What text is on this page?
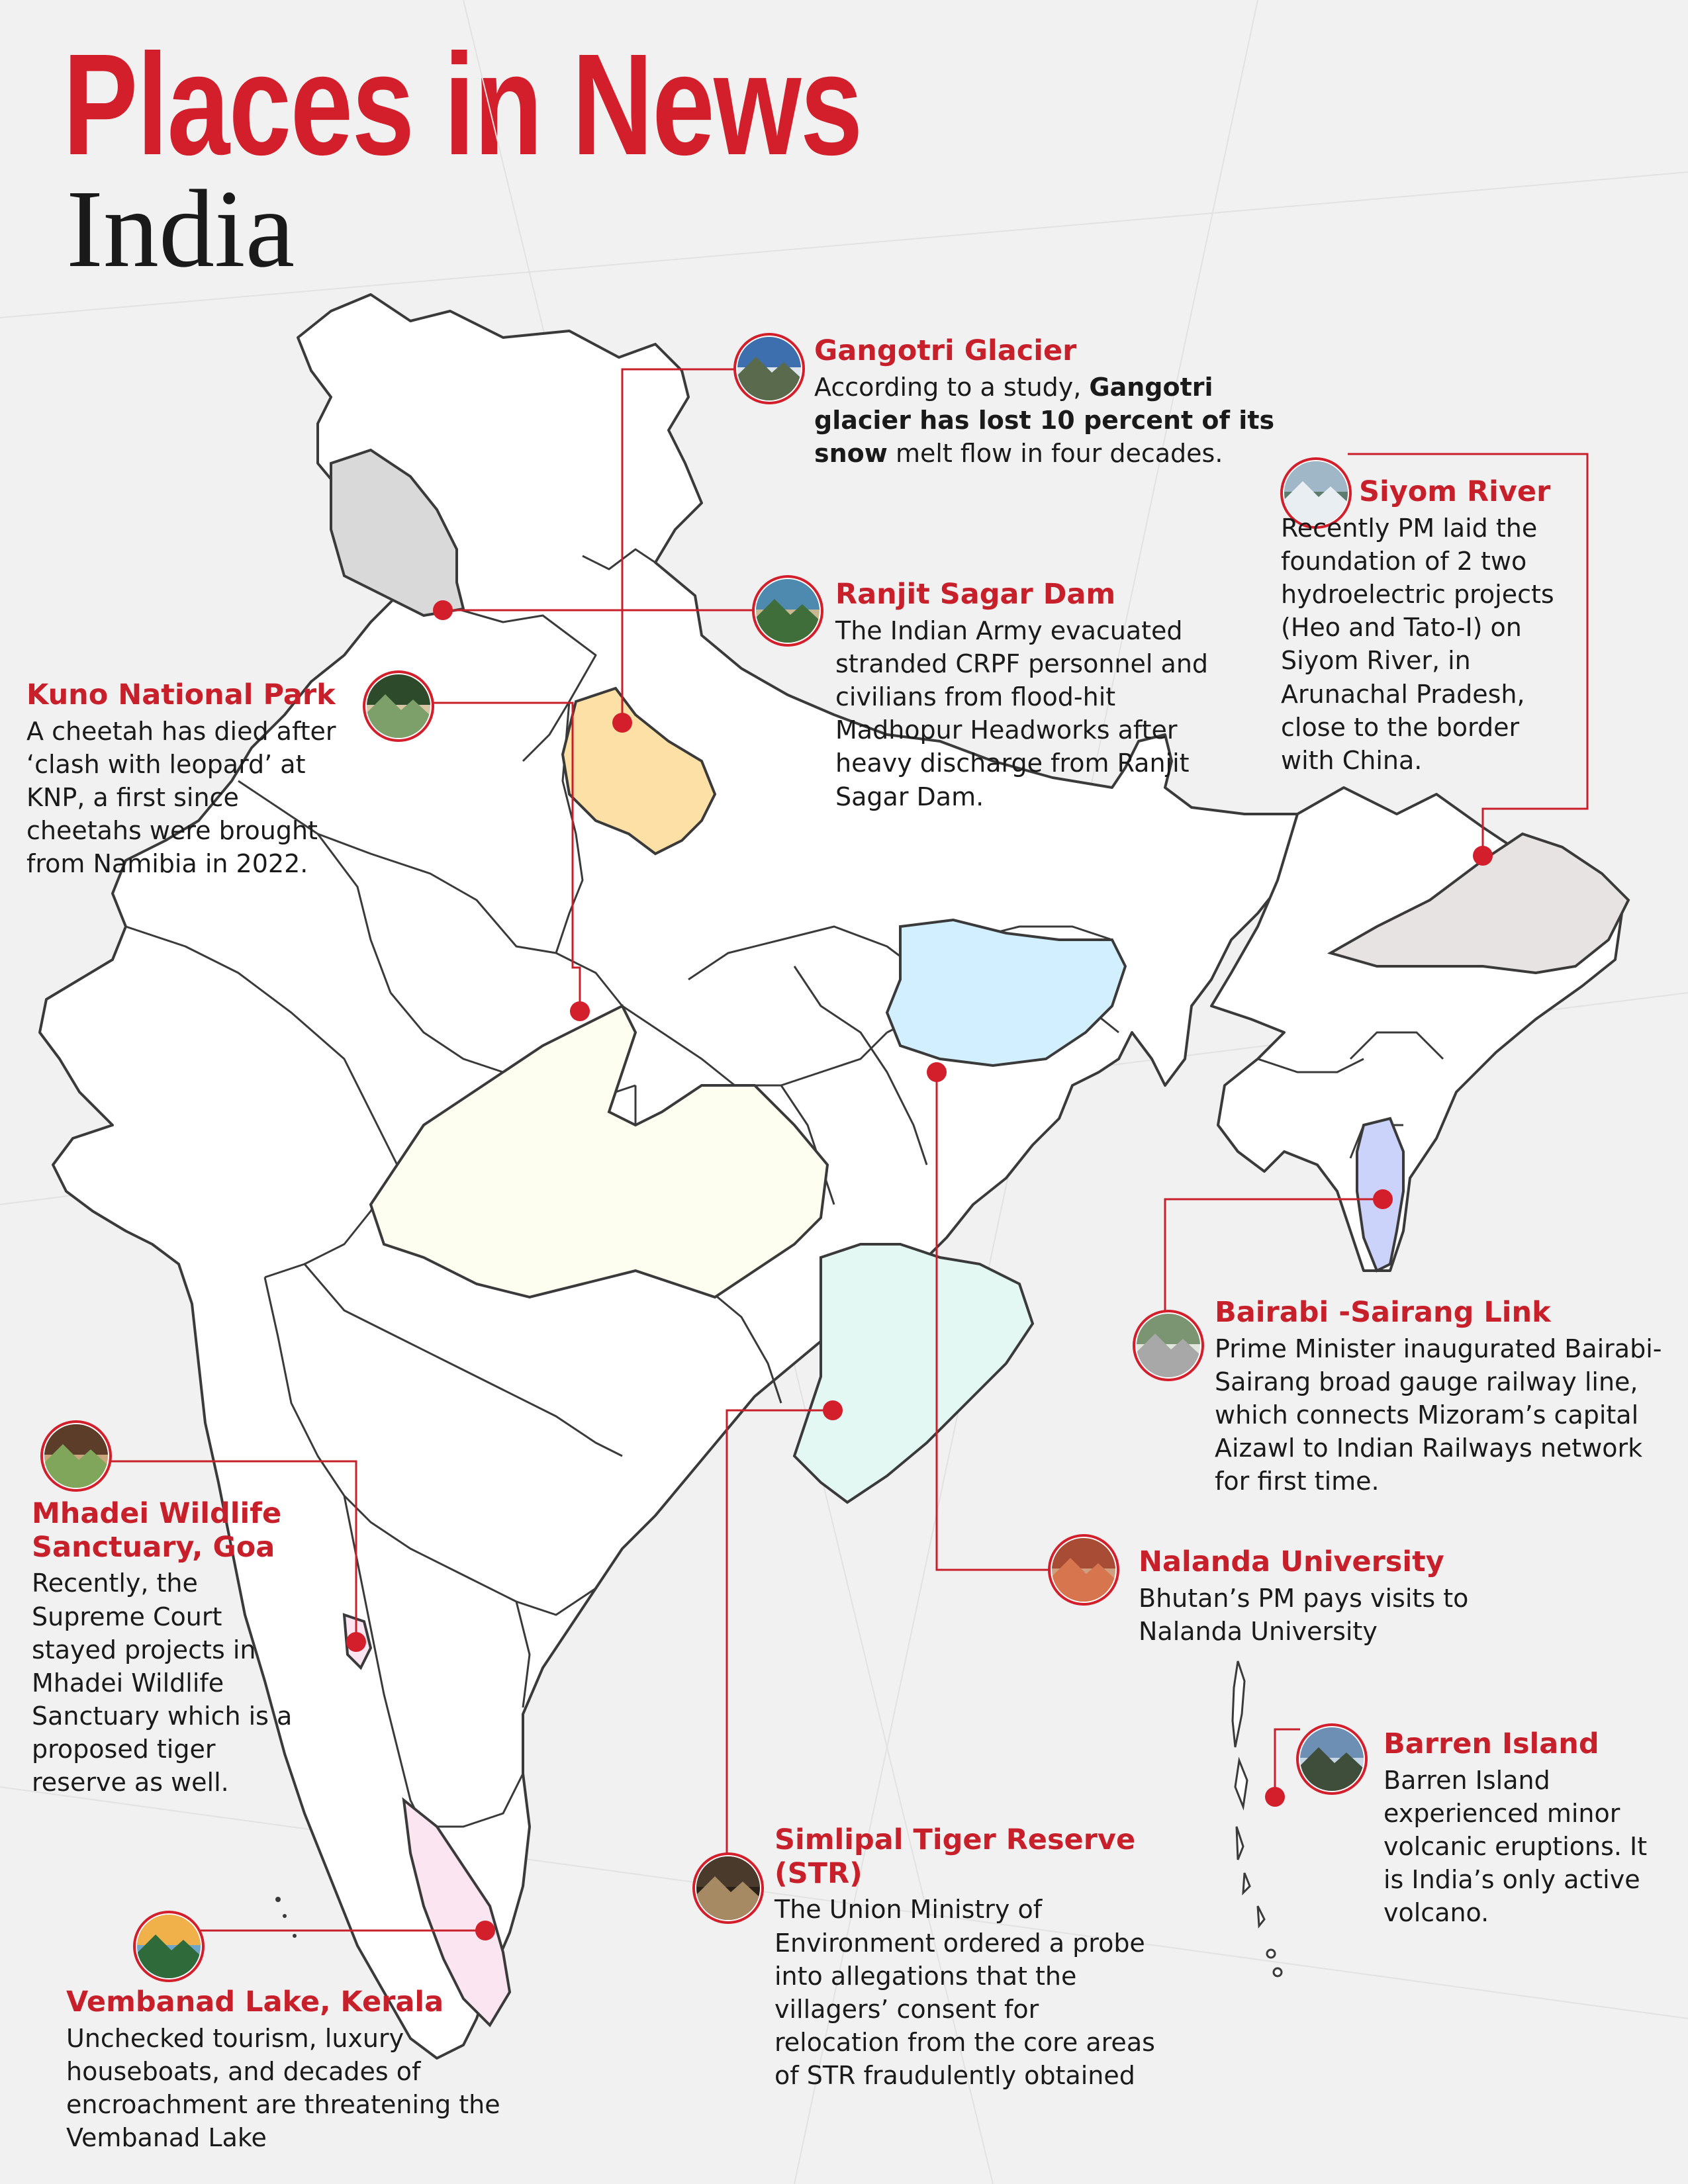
Places in News
India

Gangotri Glacier

According to a study, Gangotri glacier has lost 10 percent of its snow melt flow in four decades.

Siyom River

Recently PM laid the foundation of 2 two hydroelectric projects (Heo and Tato-I) on Siyom River, in Arunachal Pradesh, close to the border with China.

Ranjit Sagar Dam

The Indian Army evacuated stranded CRPF personnel and civilians from flood-hit Madhopur Headworks after heavy discharge from Ranjit Sagar Dam.

Kuno National Park

A cheetah has died after ‘clash with leopard’ at KNP, a first since cheetahs were brought from Namibia in 2022.

Bairabi -Sairang Link

Prime Minister inaugurated Bairabi-Sairang broad gauge railway line, which connects Mizoram’s capital Aizawl to Indian Railways network for first time.

Nalanda University

Bhutan’s PM pays visits to Nalanda University

Mhadei Wildlife Sanctuary, Goa

Recently, the Supreme Court stayed projects in Mhadei Wildlife Sanctuary which is a proposed tiger reserve as well.

Barren Island

Barren Island experienced minor volcanic eruptions. It is India’s only active volcano.

Simlipal Tiger Reserve (STR)

The Union Ministry of Environment ordered a probe into allegations that the villagers’ consent for relocation from the core areas of STR fraudulently obtained

Vembanad Lake, Kerala

Unchecked tourism, luxury houseboats, and decades of encroachment are threatening the Vembanad Lake
